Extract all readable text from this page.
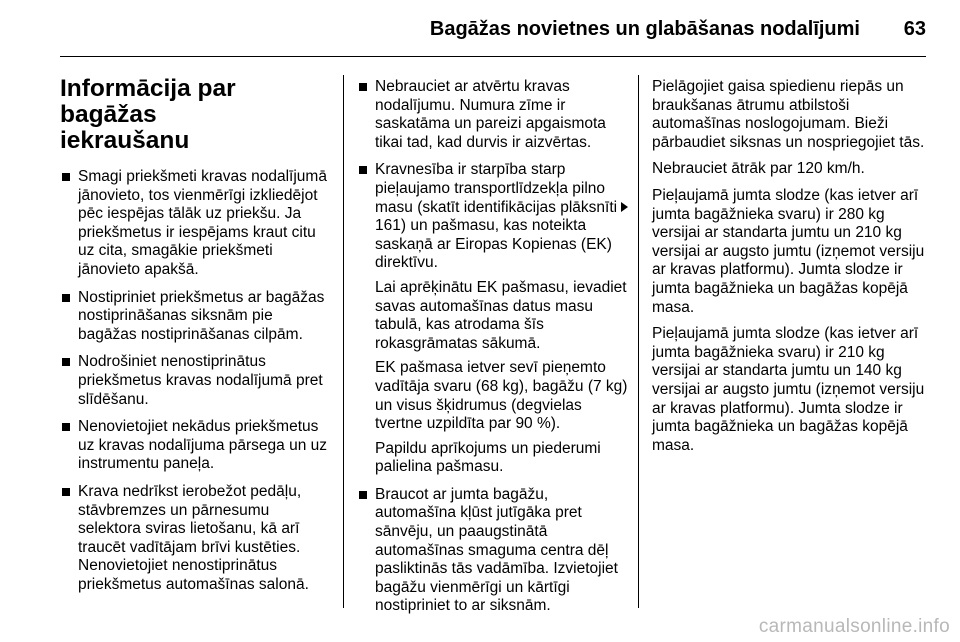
Bagāžas novietnes un glabāšanas nodalījumi 63
Informācija par bagāžas
iekraušanu
Smagi priekšmeti kravas nodalījumā jānovieto, tos vienmērīgi izkliedējot pēc iespējas tālāk uz priekšu. Ja priekšmetus ir iespējams kraut citu uz cita, smagākie priekšmeti jānovieto apakšā.
Nostipriniet priekšmetus ar bagāžas nostiprināšanas siksnām pie bagāžas nostiprināšanas cilpām.
Nodrošiniet nenostiprinātus priekšmetus kravas nodalījumā pret slīdēšanu.
Nenovietojiet nekādus priekšmetus uz kravas nodalījuma pārsega un uz instrumentu paneļa.
Krava nedrīkst ierobežot pedāļu, stāvbremzes un pārnesumu selektora sviras lietošanu, kā arī traucēt vadītājam brīvi kustēties. Nenovietojiet nenostiprinātus priekšmetus automašīnas salonā.
Nebrauciet ar atvērtu kravas nodalījumu. Numura zīme ir saskatāma un pareizi apgaismota tikai tad, kad durvis ir aizvērtas.
Kravnesība ir starpība starp pieļaujamo transportlīdzekļa pilno masu (skatīt identifikācijas plāksnīti 161) un pašmasu, kas noteikta saskaņā ar Eiropas Kopienas (EK) direktīvu.
Lai aprēķinātu EK pašmasu, ievadiet savas automašīnas datus masu tabulā, kas atrodama šīs rokasgrāmatas sākumā.
EK pašmasa ietver sevī pieņemto vadītāja svaru (68 kg), bagāžu (7 kg) un visus šķidrumus (degvielas tvertne uzpildīta par 90 %).
Papildu aprīkojums un piederumi palielina pašmasu.
Braucot ar jumta bagāžu, automašīna kļūst jutīgāka pret sānvēju, un paaugstinātā automašīnas smaguma centra dēļ pasliktinās tās vadāmība. Izvietojiet bagāžu vienmērīgi un kārtīgi nostipriniet to ar siksnām.

Pielāgojiet gaisa spiedienu riepās un braukšanas ātrumu atbilstoši automašīnas noslogojumam. Bieži pārbaudiet siksnas un nospriegojiet tās.

Nebrauciet ātrāk par 120 km/h.

Pieļaujamā jumta slodze (kas ietver arī jumta bagāžnieka svaru) ir 280 kg versijai ar standarta jumtu un 210 kg versijai ar augsto jumtu (izņemot versiju ar kravas platformu). Jumta slodze ir jumta bagāžnieka un bagāžas kopējā masa.

Pieļaujamā jumta slodze (kas ietver arī jumta bagāžnieka svaru) ir 210 kg versijai ar standarta jumtu un 140 kg versijai ar augsto jumtu (izņemot versiju ar kravas platformu). Jumta slodze ir jumta bagāžnieka un bagāžas kopējā masa.

carmanualsonline.info
